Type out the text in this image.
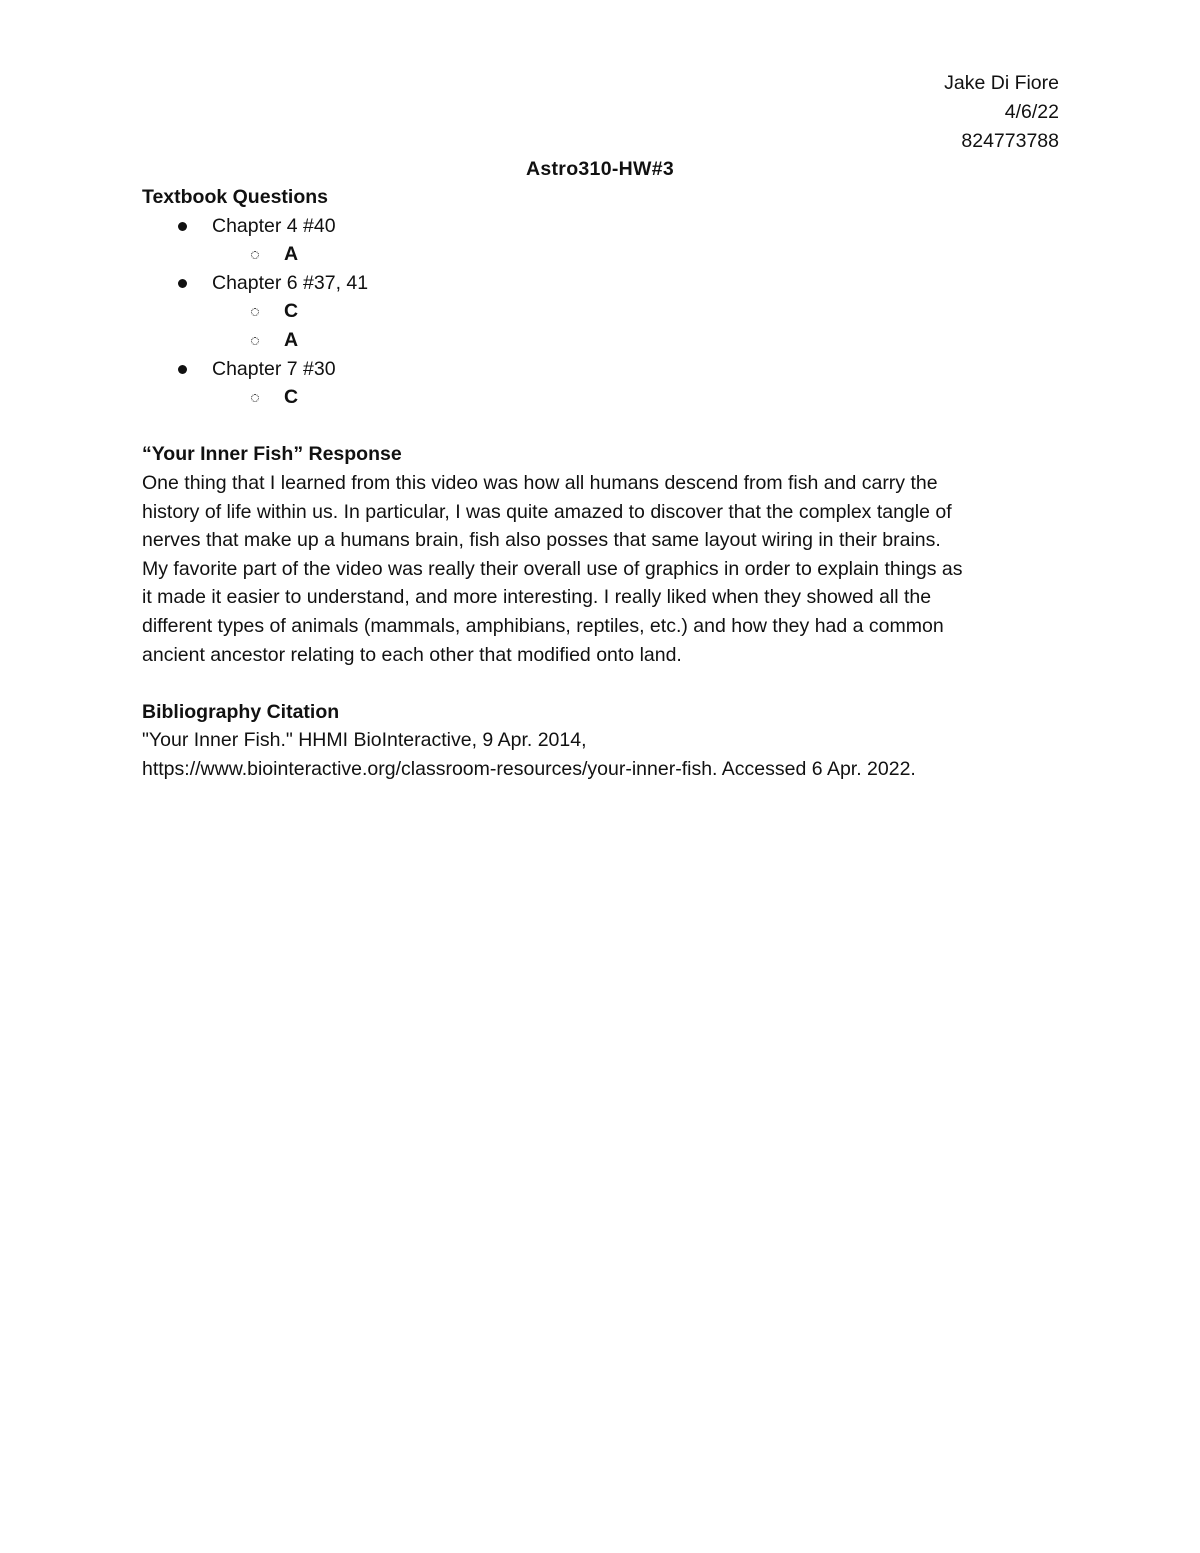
Jake Di Fiore
4/6/22
824773788
Astro310-HW#3
Textbook Questions
Chapter 4 #40
A
Chapter 6 #37, 41
C
A
Chapter 7 #30
C
“Your Inner Fish” Response
One thing that I learned from this video was how all humans descend from fish and carry the
history of life within us. In particular, I was quite amazed to discover that the complex tangle of
nerves that make up a humans brain, fish also posses that same layout wiring in their brains.
My favorite part of the video was really their overall use of graphics in order to explain things as
it made it easier to understand, and more interesting. I really liked when they showed all the
different types of animals (mammals, amphibians, reptiles, etc.) and how they had a common
ancient ancestor relating to each other that modified onto land.
Bibliography Citation
"Your Inner Fish." HHMI BioInteractive, 9 Apr. 2014,
https://www.biointeractive.org/classroom-resources/your-inner-fish. Accessed 6 Apr. 2022.
